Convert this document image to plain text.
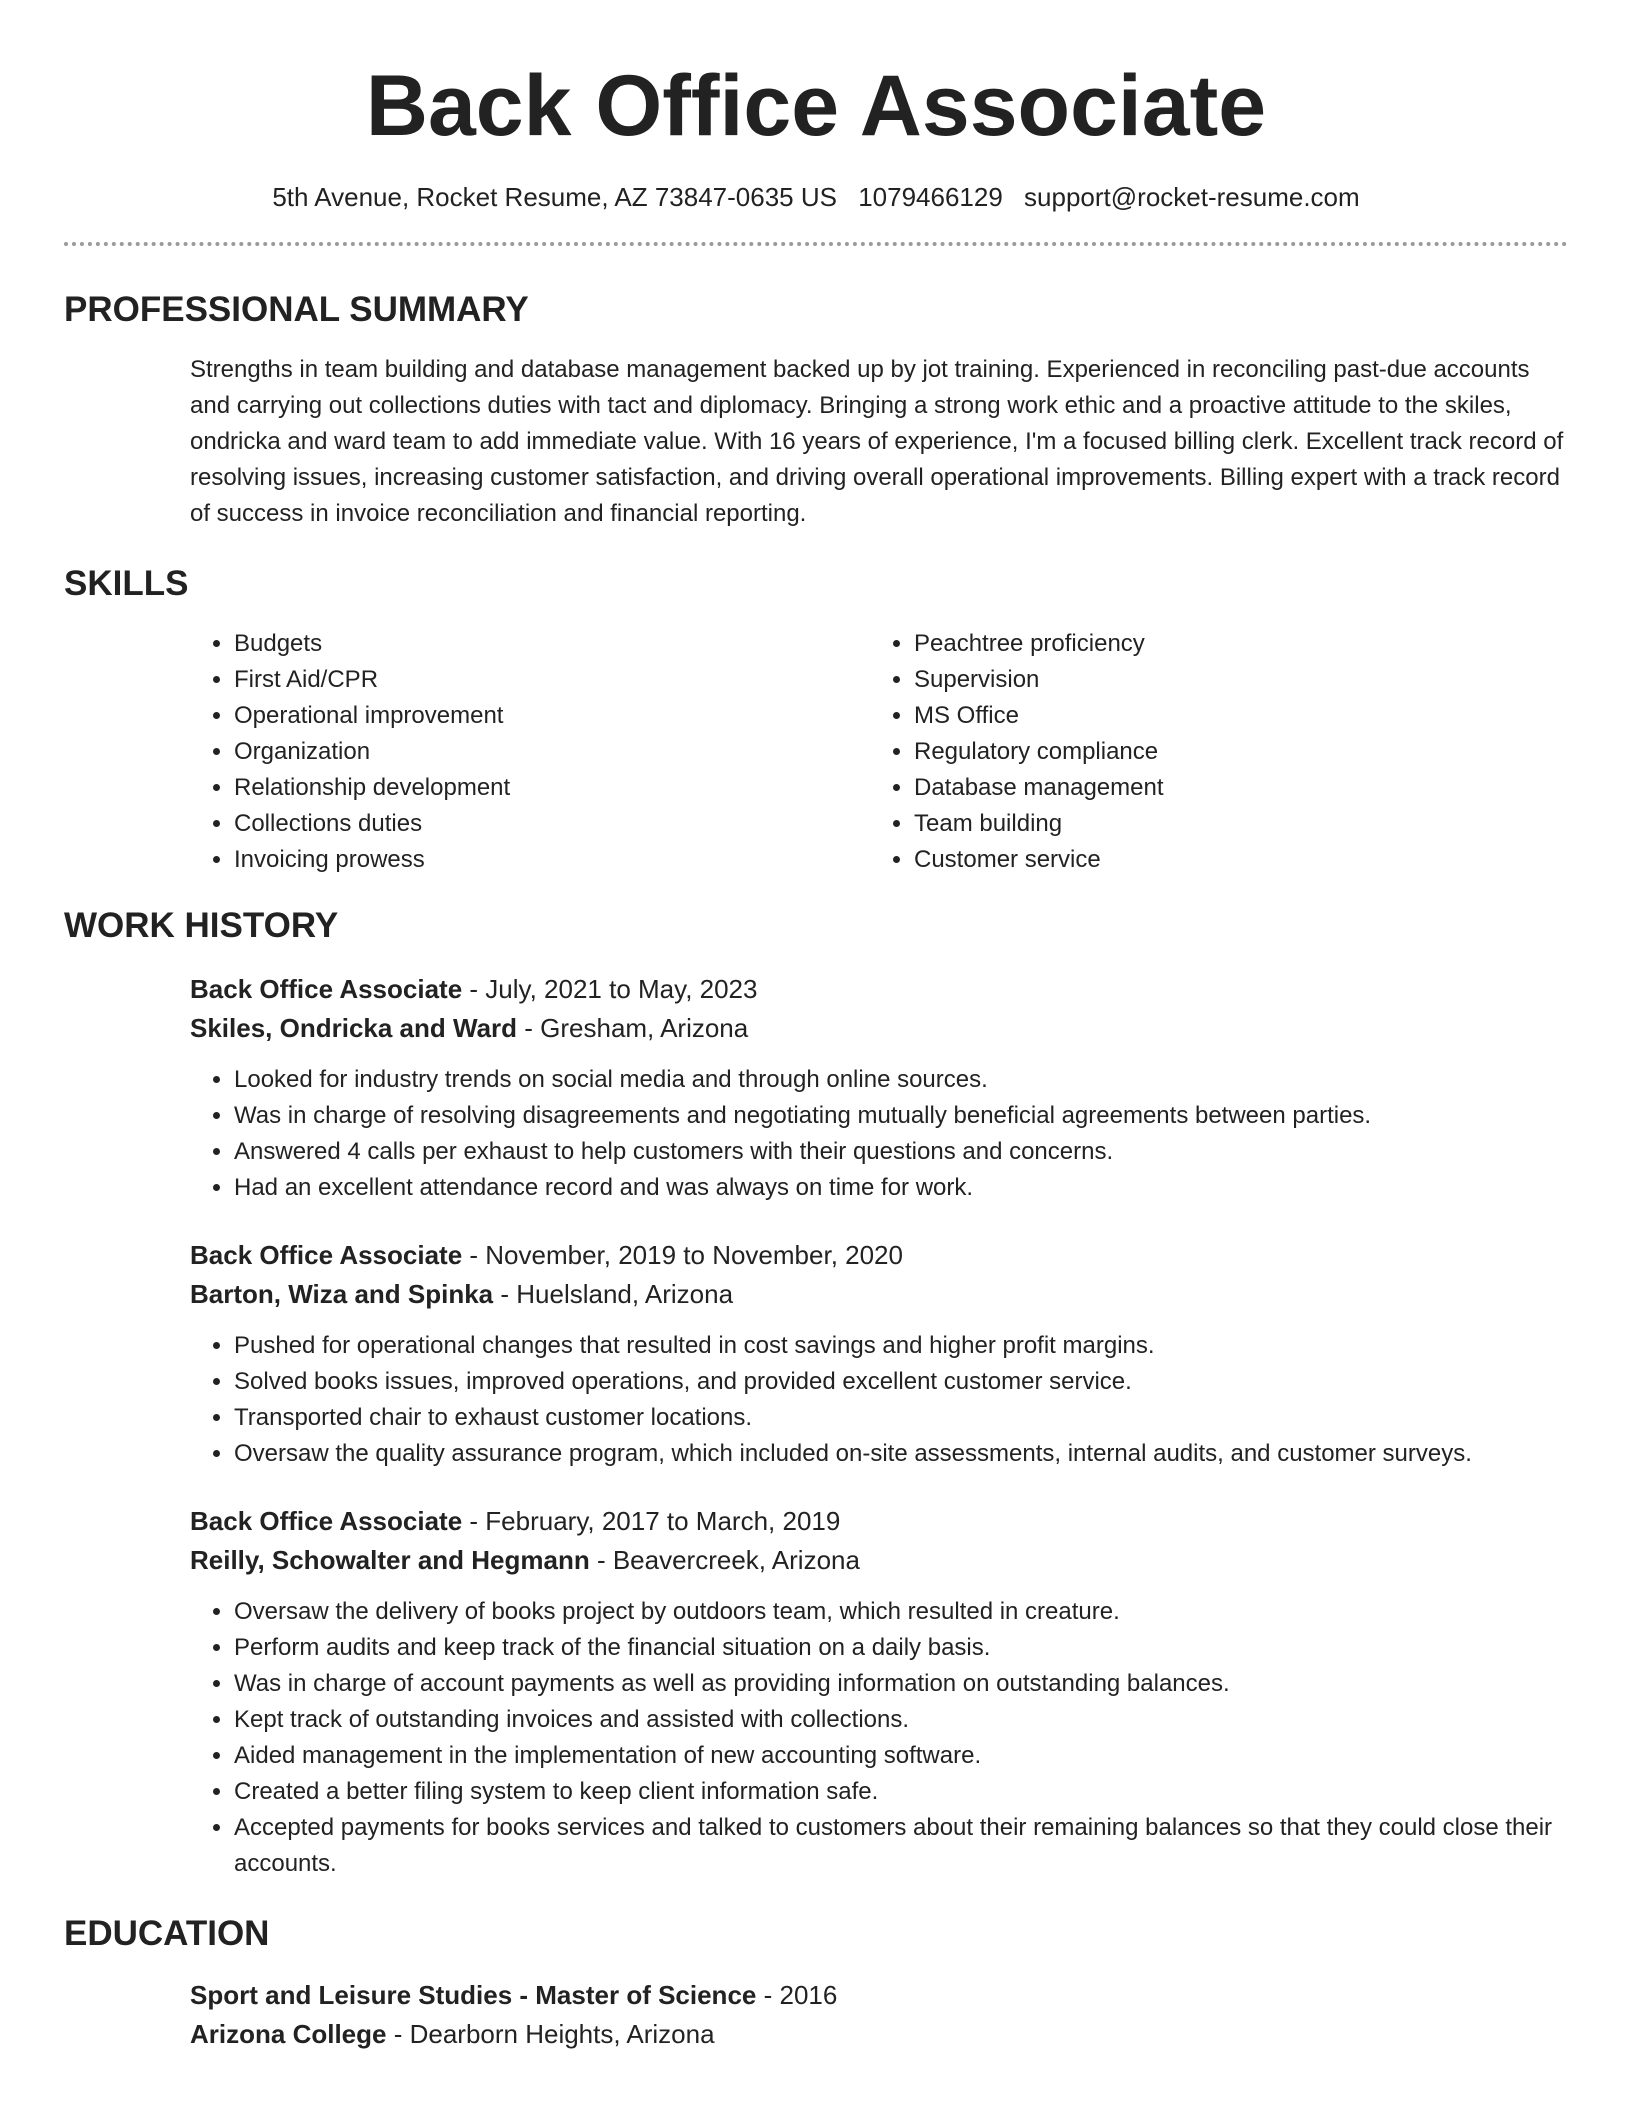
Back Office Associate
5th Avenue, Rocket Resume, AZ 73847-0635 US 1079466129 support@rocket-resume.com
PROFESSIONAL SUMMARY

Strengths in team building and database management backed up by jot training. Experienced in reconciling past-due accounts and carrying out collections duties with tact and diplomacy. Bringing a strong work ethic and a proactive attitude to the skiles, ondricka and ward team to add immediate value. With 16 years of experience, I'm a focused billing clerk. Excellent track record of resolving issues, increasing customer satisfaction, and driving overall operational improvements. Billing expert with a track record of success in invoice reconciliation and financial reporting.

SKILLS
• Budgets
• First Aid/CPR
• Operational improvement
• Organization
• Relationship development
• Collections duties
• Invoicing prowess
• Peachtree proficiency
• Supervision
• MS Office
• Regulatory compliance
• Database management
• Team building
• Customer service
WORK HISTORY
Back Office Associate - July, 2021 to May, 2023
Skiles, Ondricka and Ward - Gresham, Arizona
• Looked for industry trends on social media and through online sources.
• Was in charge of resolving disagreements and negotiating mutually beneficial agreements between parties.
• Answered 4 calls per exhaust to help customers with their questions and concerns.
• Had an excellent attendance record and was always on time for work.
Back Office Associate - November, 2019 to November, 2020
Barton, Wiza and Spinka - Huelsland, Arizona
• Pushed for operational changes that resulted in cost savings and higher profit margins.
• Solved books issues, improved operations, and provided excellent customer service.
• Transported chair to exhaust customer locations.
• Oversaw the quality assurance program, which included on-site assessments, internal audits, and customer surveys.
Back Office Associate - February, 2017 to March, 2019
Reilly, Schowalter and Hegmann - Beavercreek, Arizona
• Oversaw the delivery of books project by outdoors team, which resulted in creature.
• Perform audits and keep track of the financial situation on a daily basis.
• Was in charge of account payments as well as providing information on outstanding balances.
• Kept track of outstanding invoices and assisted with collections.
• Aided management in the implementation of new accounting software.
• Created a better filing system to keep client information safe.
• Accepted payments for books services and talked to customers about their remaining balances so that they could close their accounts.
EDUCATION
Sport and Leisure Studies - Master of Science - 2016
Arizona College - Dearborn Heights, Arizona
